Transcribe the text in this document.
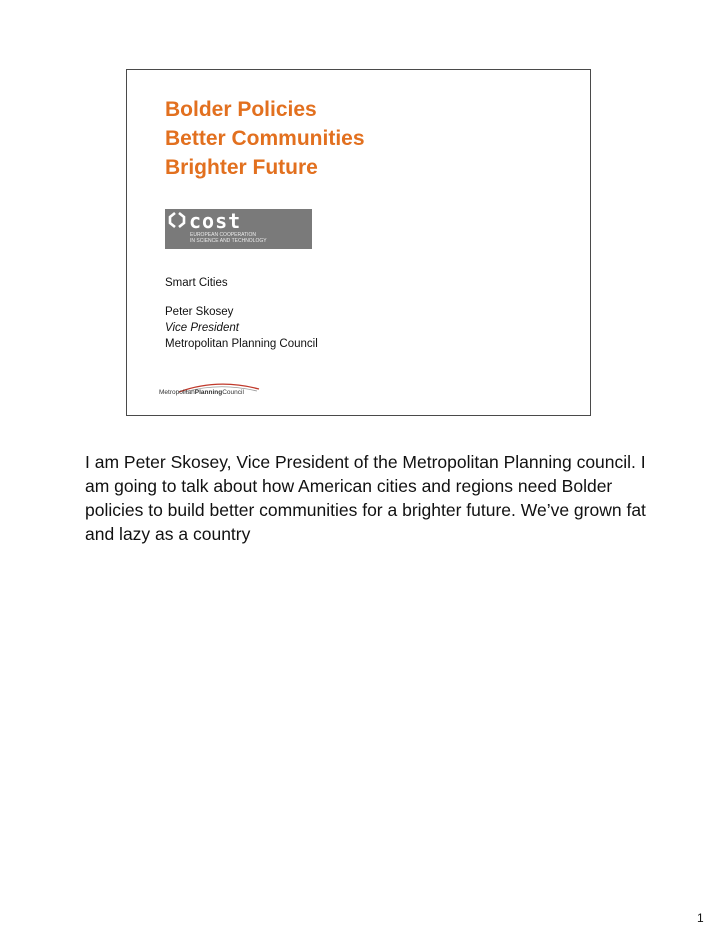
Bolder Policies
Better Communities
Brighter Future
cost
EUROPEAN COOPERATION
IN SCIENCE AND TECHNOLOGY
Smart Cities
Peter Skosey
Vice President
Metropolitan Planning Council
MetropolitanPlanningCouncil

I am Peter Skosey, Vice President of the Metropolitan Planning council. I am going to talk about how American cities and regions need Bolder policies to build better communities for a brighter future. We’ve grown fat and lazy as a country

1
